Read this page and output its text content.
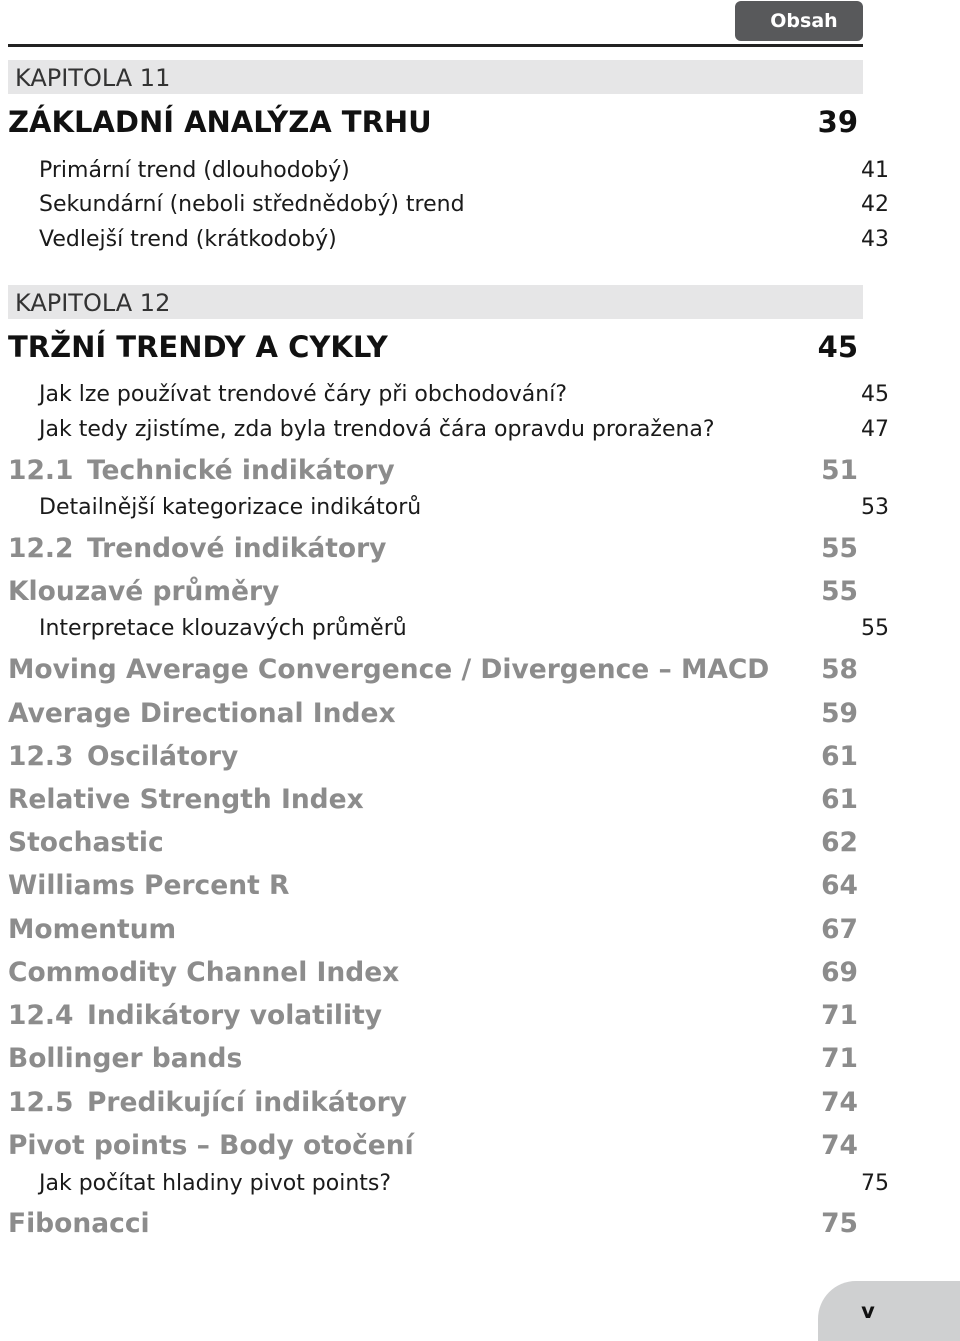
Obsah
KAPITOLA 11
ZÁKLADNÍ ANALÝZA TRHU	39
Primární trend (dlouhodobý)	41
Sekundární (neboli střednědobý) trend	42
Vedlejší trend (krátkodobý)	43
KAPITOLA 12
TRŽNÍ TRENDY A CYKLY	45
Jak lze používat trendové čáry při obchodování?	45
Jak tedy zjistíme, zda byla trendová čára opravdu proražena?	47
12.1 Technické indikátory	51
Detailnější kategorizace indikátorů	53
12.2 Trendové indikátory	55
Klouzavé průměry	55
Interpretace klouzavých průměrů	55
Moving Average Convergence / Divergence – MACD 58
Average Directional Index	59
12.3 Oscilátory	61
Relative Strength Index	61
Stochastic	62
Williams Percent R	64
Momentum	67
Commodity Channel Index	69
12.4 Indikátory volatility	71
Bollinger bands	71
12.5 Predikující indikátory	74
Pivot points – Body otočení	74
Jak počítat hladiny pivot points?	75
Fibonacci	75
v
